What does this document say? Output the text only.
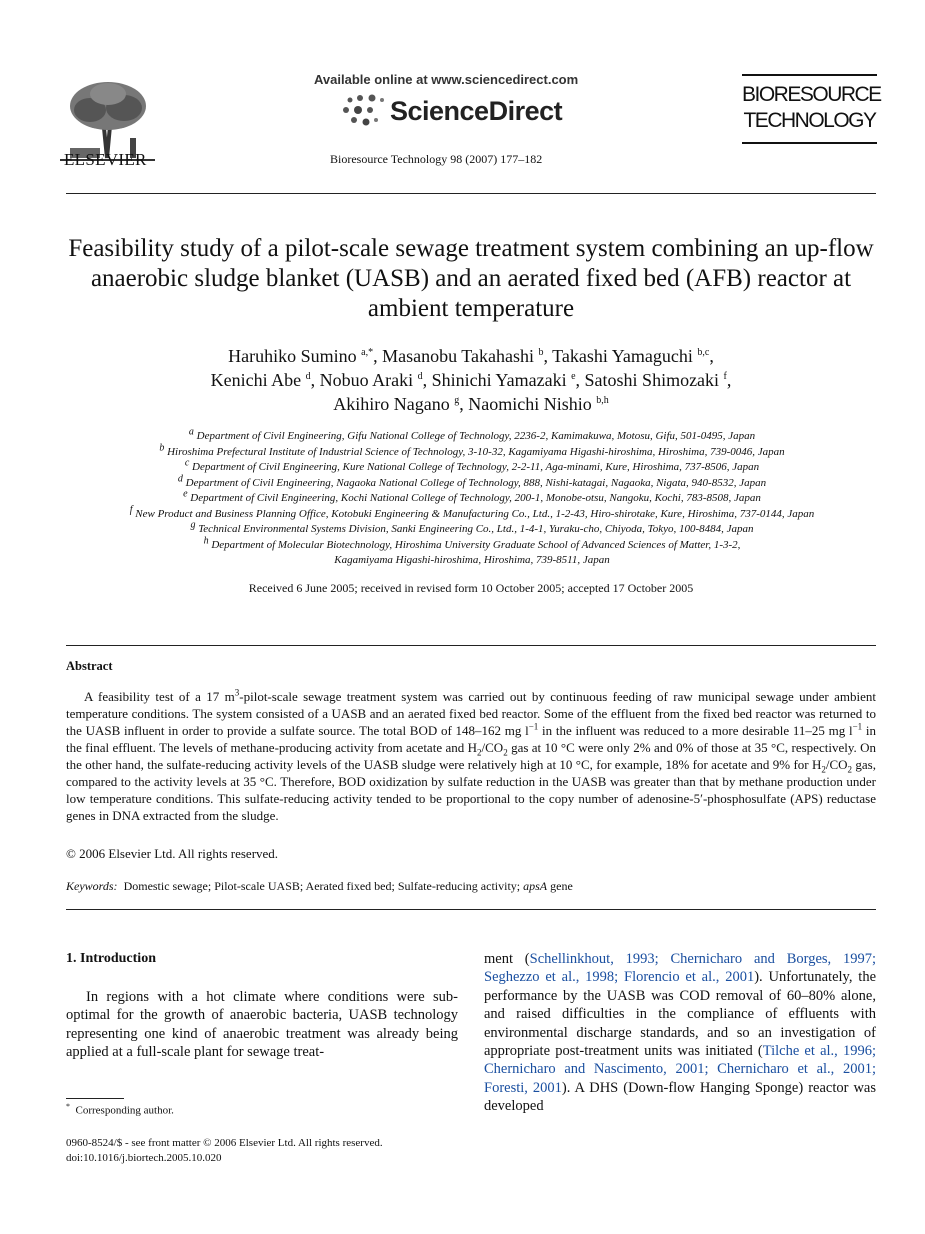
ELSEVIER
Available online at www.sciencedirect.com
ScienceDirect
Bioresource Technology 98 (2007) 177–182
BIORESOURCE
TECHNOLOGY
Feasibility study of a pilot-scale sewage treatment system combining an up-flow anaerobic sludge blanket (UASB) and an aerated fixed bed (AFB) reactor at ambient temperature
Haruhiko Sumino $^{a,*}$, Masanobu Takahashi $^b$, Takashi Yamaguchi $^{b,c}$,
Kenichi Abe $^d$, Nobuo Araki $^d$, Shinichi Yamazaki $^e$, Satoshi Shimozaki $^f$,
Akihiro Nagano $^g$, Naomichi Nishio $^{b,h}$
$^a$ Department of Civil Engineering, Gifu National College of Technology, 2236-2, Kamimakuwa, Motosu, Gifu, 501-0495, Japan
$^b$ Hiroshima Prefectural Institute of Industrial Science of Technology, 3-10-32, Kagamiyama Higashi-hiroshima, Hiroshima, 739-0046, Japan
$^c$ Department of Civil Engineering, Kure National College of Technology, 2-2-11, Aga-minami, Kure, Hiroshima, 737-8506, Japan
$^d$ Department of Civil Engineering, Nagaoka National College of Technology, 888, Nishi-katagai, Nagaoka, Nigata, 940-8532, Japan
$^e$ Department of Civil Engineering, Kochi National College of Technology, 200-1, Monobe-otsu, Nangoku, Kochi, 783-8508, Japan
$^f$ New Product and Business Planning Office, Kotobuki Engineering & Manufacturing Co., Ltd., 1-2-43, Hiro-shirotake, Kure, Hiroshima, 737-0144, Japan
$^g$ Technical Environmental Systems Division, Sanki Engineering Co., Ltd., 1-4-1, Yuraku-cho, Chiyoda, Tokyo, 100-8484, Japan
$^h$ Department of Molecular Biotechnology, Hiroshima University Graduate School of Advanced Sciences of Matter, 1-3-2,
Kagamiyama Higashi-hiroshima, Hiroshima, 739-8511, Japan
Received 6 June 2005; received in revised form 10 October 2005; accepted 17 October 2005
Abstract

A feasibility test of a 17 $m^3-pilot$-scale sewage treatment system was carried out by continuous feeding of raw municipal sewage under ambient temperature conditions. The system consisted of a UASB and an aerated fixed bed reactor. Some of the effluent from the fixed bed reactor was returned to the UASB influent in order to provide a sulfate source. The total BOD of 148–162 mg $l^{-1}$ in the influent was reduced to a more desirable 11–25 mg $l^{-1}$ in the final effluent. The levels of methane-producing activity from acetate and $H_2/CO_2$ gas at 10 °C were only 2% and 0% of those at 35 °C, respectively. On the other hand, the sulfate-reducing activity levels of the UASB sludge were relatively high at 10 °C, for example, 18% for acetate and 9% for $H_2/CO_2$ gas, compared to the activity levels at 35 °C. Therefore, BOD oxidization by sulfate reduction in the UASB was greater than that by methane production under low temperature conditions. This sulfate-reducing activity tended to be proportional to the copy number of adenosine-5′-phosphosulfate (APS) reductase genes in DNA extracted from the sludge.

© 2006 Elsevier Ltd. All rights reserved.
Keywords: Domestic sewage; Pilot-scale UASB; Aerated fixed bed; Sulfate-reducing activity; apsA gene
1. Introduction

In regions with a hot climate where conditions were sub-optimal for the growth of anaerobic bacteria, UASB technology representing one kind of anaerobic treatment was already being applied at a full-scale plant for sewage treat-

ment (Schellinkhout, 1993; Chernicharo and Borges, 1997; Seghezzo et al., 1998; Florencio et al., 2001). Unfortunately, the performance by the UASB was COD removal of 60–80% alone, and raised difficulties in the compliance of effluents with environmental discharge standards, and so an investigation of appropriate post-treatment units was initiated (Tilche et al., 1996; Chernicharo and Nascimento, 2001; Chernicharo et al., 2001; Foresti, 2001). A DHS (Down-flow Hanging Sponge) reactor was developed

* Corresponding author.
0960-8524/$ - see front matter © 2006 Elsevier Ltd. All rights reserved.
doi:10.1016/j.biortech.2005.10.020
